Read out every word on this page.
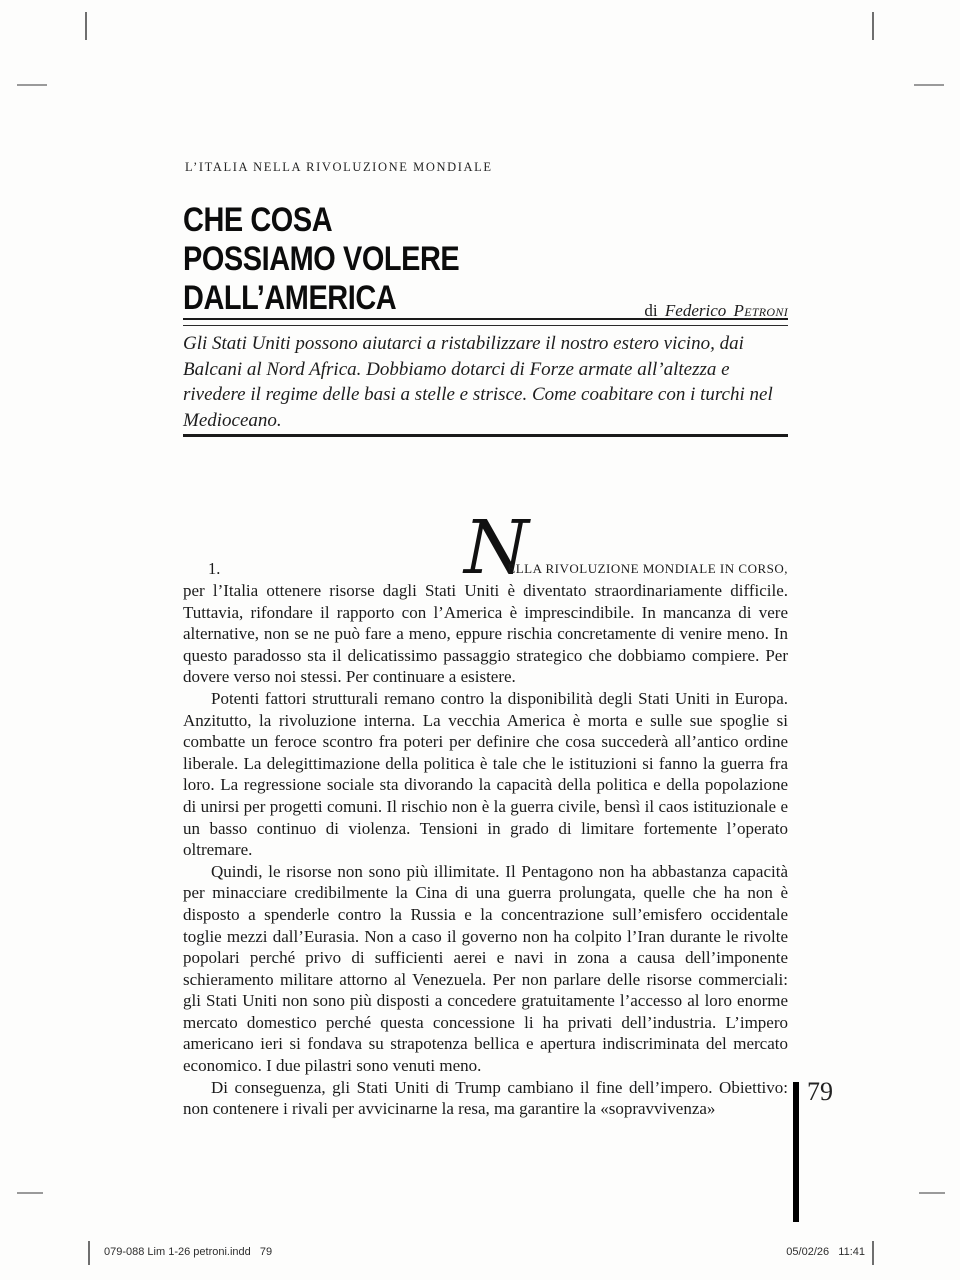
L’ITALIA NELLA RIVOLUZIONE MONDIALE
CHE COSA
POSSIAMO VOLERE
DALL’AMERICA	di Federico Petroni

Gli Stati Uniti possono aiutarci a ristabilizzare il nostro estero vicino, dai Balcani al Nord Africa. Dobbiamo dotarci di Forze armate all’altezza e rivedere il regime delle basi a stelle e strisce. Come coabitare con i turchi nel Medioceano.

1.	N
ELLA RIVOLUZIONE MONDIALE IN CORSO,

per l’Italia ottenere risorse dagli Stati Uniti è diventato straordinariamente difficile. Tuttavia, rifondare il rapporto con l’America è imprescindibile. In mancanza di vere alternative, non se ne può fare a meno, eppure rischia concretamente di venire meno. In questo paradosso sta il delicatissimo passaggio strategico che dobbiamo compiere. Per dovere verso noi stessi. Per continuare a esistere.

Potenti fattori strutturali remano contro la disponibilità degli Stati Uniti in Europa. Anzitutto, la rivoluzione interna. La vecchia America è morta e sulle sue spoglie si combatte un feroce scontro fra poteri per definire che cosa succederà all’antico ordine liberale. La delegittimazione della politica è tale che le istituzioni si fanno la guerra fra loro. La regressione sociale sta divorando la capacità della politica e della popolazione di unirsi per progetti comuni. Il rischio non è la guerra civile, bensì il caos istituzionale e un basso continuo di violenza. Tensioni in grado di limitare fortemente l’operato oltremare.

Quindi, le risorse non sono più illimitate. Il Pentagono non ha abbastanza capacità per minacciare credibilmente la Cina di una guerra prolungata, quelle che ha non è disposto a spenderle contro la Russia e la concentrazione sull’emisfero occidentale toglie mezzi dall’Eurasia. Non a caso il governo non ha colpito l’Iran durante le rivolte popolari perché privo di sufficienti aerei e navi in zona a causa dell’imponente schieramento militare attorno al Venezuela. Per non parlare delle risorse commerciali: gli Stati Uniti non sono più disposti a concedere gratuitamente l’accesso al loro enorme mercato domestico perché questa concessione li ha privati dell’industria. L’impero americano ieri si fondava su strapotenza bellica e apertura indiscriminata del mercato economico. I due pilastri sono venuti meno.

Di conseguenza, gli Stati Uniti di Trump cambiano il fine dell’impero. Obiettivo: non contenere i rivali per avvicinarne la resa, ma garantire la «sopravvivenza»

79
079-088 Lim 1-26 petroni.indd   79	05/02/26   11:41
